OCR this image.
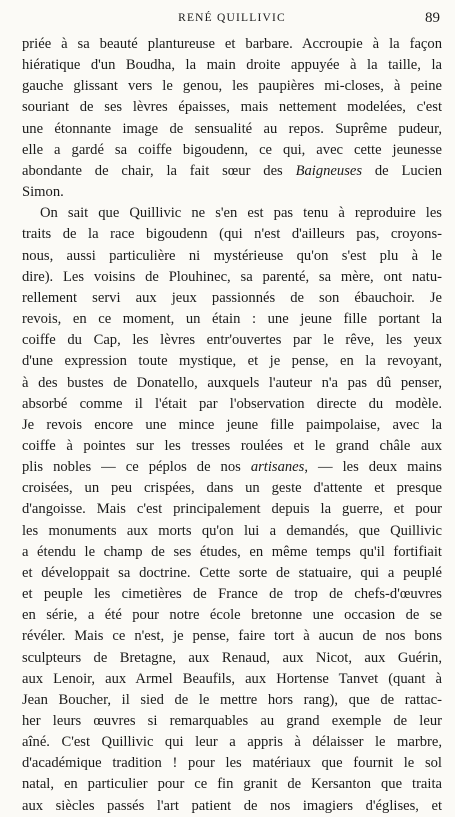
RENÉ QUILLIVIC	89
priée à sa beauté plantureuse et barbare. Accroupie à la façon
hiératique d'un Boudha, la main droite appuyée à la taille, la
gauche glissant vers le genou, les paupières mi-closes, à peine
souriant de ses lèvres épaisses, mais nettement modelées, c'est
une étonnante image de sensualité au repos. Suprême pudeur,
elle a gardé sa coiffe bigoudenn, ce qui, avec cette jeunesse
abondante de chair, la fait sœur des Baigneuses de Lucien
Simon.
On sait que Quillivic ne s'en est pas tenu à reproduire les
traits de la race bigoudenn (qui n'est d'ailleurs pas, croyons-
nous, aussi particulière ni mystérieuse qu'on s'est plu à le
dire). Les voisins de Plouhinec, sa parenté, sa mère, ont natu-
rellement servi aux jeux passionnés de son ébauchoir. Je
revois, en ce moment, un étain : une jeune fille portant la
coiffe du Cap, les lèvres entr'ouvertes par le rêve, les yeux
d'une expression toute mystique, et je pense, en la revoyant,
à des bustes de Donatello, auxquels l'auteur n'a pas dû penser,
absorbé comme il l'était par l'observation directe du modèle.
Je revois encore une mince jeune fille paimpolaise, avec la
coiffe à pointes sur les tresses roulées et le grand châle aux
plis nobles — ce péplos de nos artisanes, — les deux mains
croisées, un peu crispées, dans un geste d'attente et presque
d'angoisse. Mais c'est principalement depuis la guerre, et pour
les monuments aux morts qu'on lui a demandés, que Quillivic
a étendu le champ de ses études, en même temps qu'il fortifiait
et développait sa doctrine. Cette sorte de statuaire, qui a peuplé
et peuple les cimetières de France de trop de chefs-d'œuvres
en série, a été pour notre école bretonne une occasion de se
révéler. Mais ce n'est, je pense, faire tort à aucun de nos bons
sculpteurs de Bretagne, aux Renaud, aux Nicot, aux Guérin,
aux Lenoir, aux Armel Beaufils, aux Hortense Tanvet (quant à
Jean Boucher, il sied de le mettre hors rang), que de rattac-
her leurs œuvres si remarquables au grand exemple de leur
aîné. C'est Quillivic qui leur a appris à délaisser le marbre,
d'académique tradition ! pour les matériaux que fournit le sol
natal, en particulier pour ce fin granit de Kersanton que traita
aux siècles passés l'art patient de nos imagiers d'églises, et
